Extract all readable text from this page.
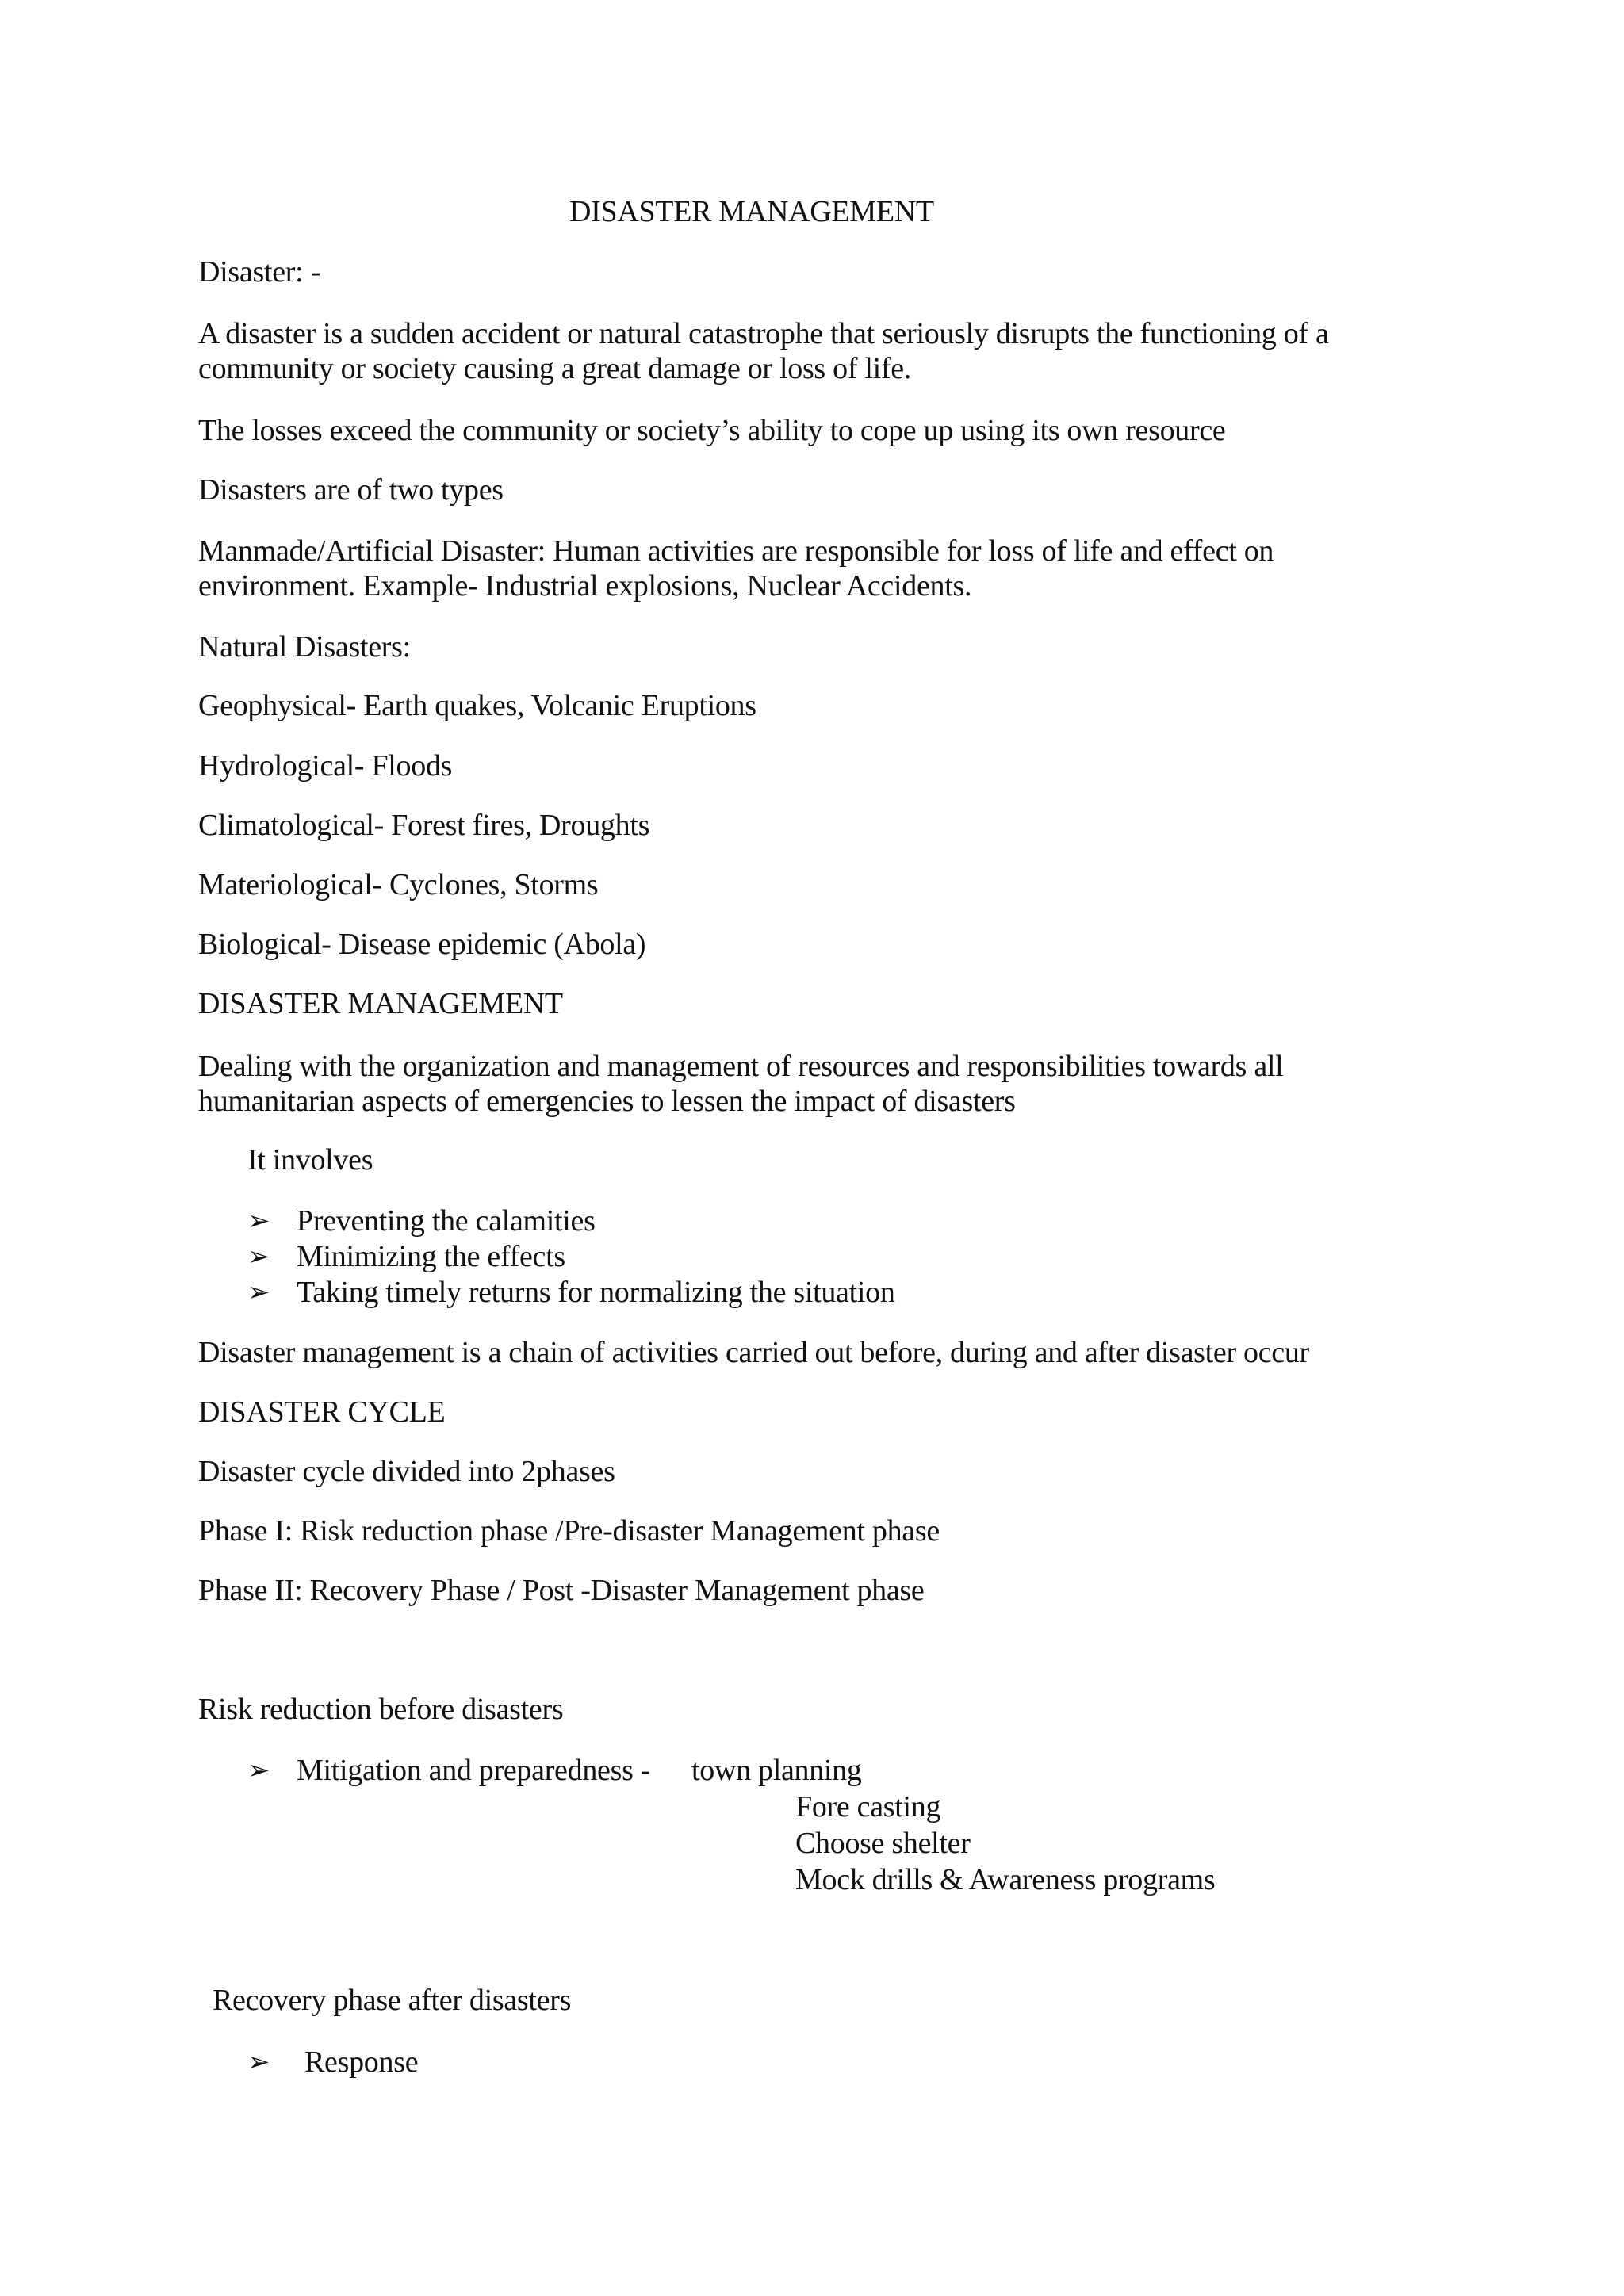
DISASTER MANAGEMENT
Disaster: -
A disaster is a sudden accident or natural catastrophe that seriously disrupts the functioning of a
community or society causing a great damage or loss of life.
The losses exceed the community or society’s ability to cope up using its own resource
Disasters are of two types
Manmade/Artificial Disaster: Human activities are responsible for loss of life and effect on
environment. Example- Industrial explosions, Nuclear Accidents.
Natural Disasters:
Geophysical- Earth quakes, Volcanic Eruptions
Hydrological- Floods
Climatological- Forest fires, Droughts
Materiological- Cyclones, Storms
Biological- Disease epidemic (Abola)
DISASTER MANAGEMENT
Dealing with the organization and management of resources and responsibilities towards all
humanitarian aspects of emergencies to lessen the impact of disasters
It involves
➢ Preventing the calamities
➢ Minimizing the effects
➢ Taking timely returns for normalizing the situation
Disaster management is a chain of activities carried out before, during and after disaster occur
DISASTER CYCLE
Disaster cycle divided into 2phases
Phase I: Risk reduction phase /Pre-disaster Management phase
Phase II: Recovery Phase / Post -Disaster Management phase
Risk reduction before disasters
➢ Mitigation and preparedness - town planning
Fore casting
Choose shelter
Mock drills & Awareness programs
Recovery phase after disasters
➢ Response
